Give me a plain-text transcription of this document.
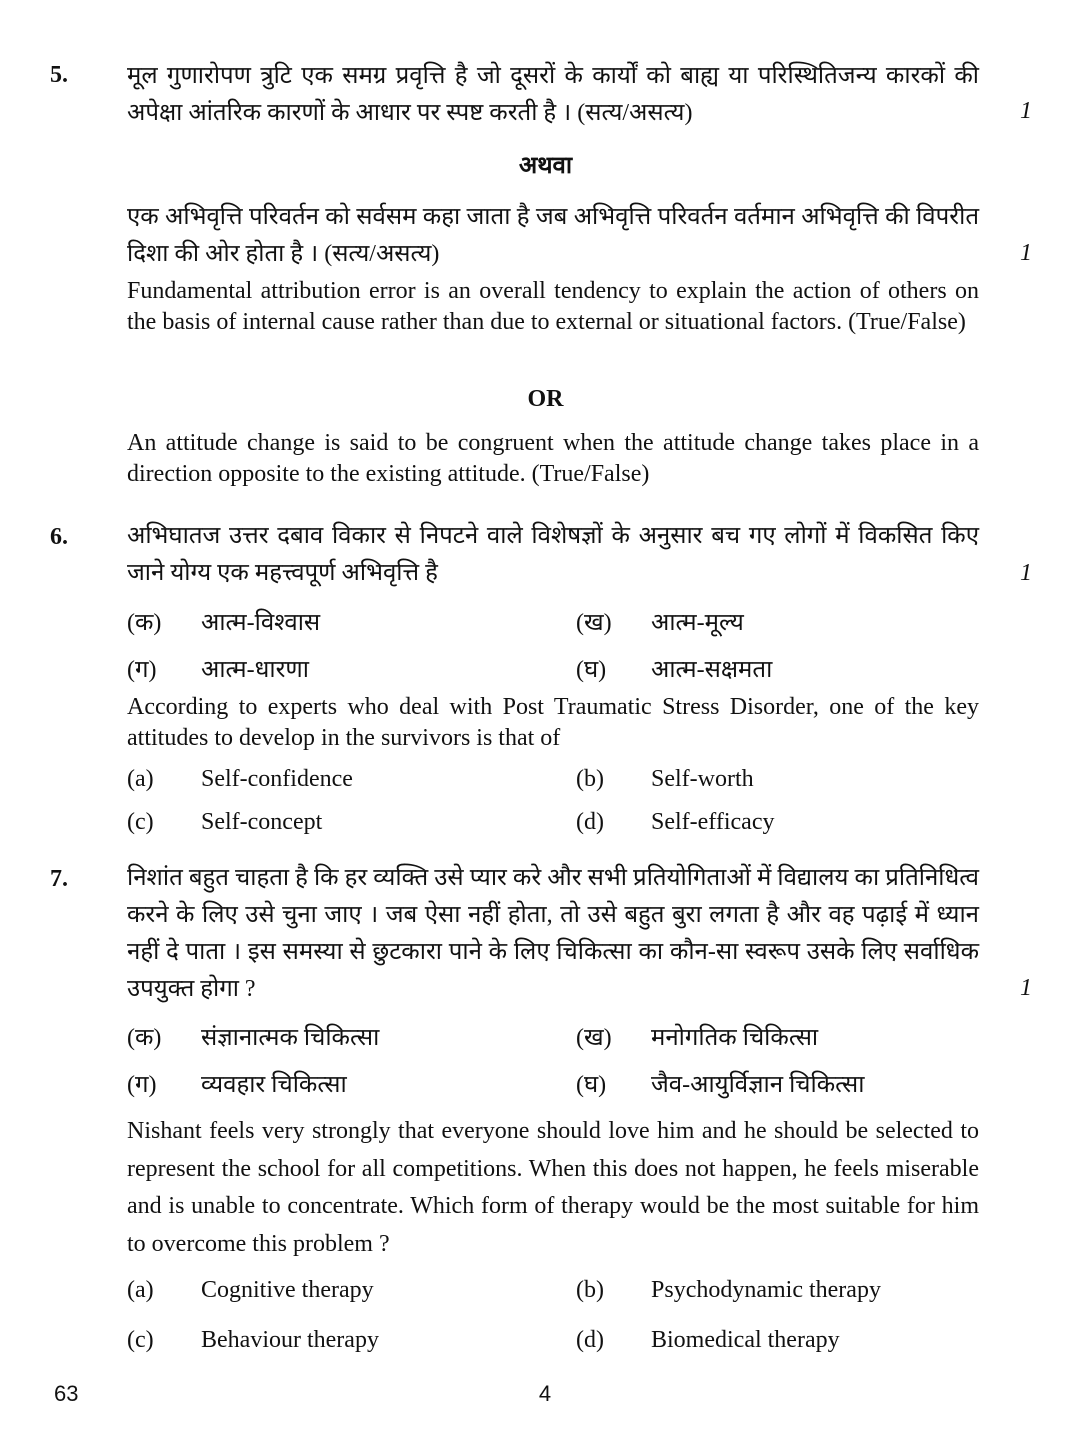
5. मूल गुणारोपण त्रुटि एक समग्र प्रवृत्ति है जो दूसरों के कार्यों को बाह्य या परिस्थितिजन्य कारकों की अपेक्षा आंतरिक कारणों के आधार पर स्पष्ट करती है । (सत्य/असत्य)	1
अथवा
एक अभिवृत्ति परिवर्तन को सर्वसम कहा जाता है जब अभिवृत्ति परिवर्तन वर्तमान अभिवृत्ति की विपरीत दिशा की ओर होता है । (सत्य/असत्य)	1
Fundamental attribution error is an overall tendency to explain the action of others on the basis of internal cause rather than due to external or situational factors. (True/False)
OR
An attitude change is said to be congruent when the attitude change takes place in a direction opposite to the existing attitude. (True/False)
6. अभिघातज उत्तर दबाव विकार से निपटने वाले विशेषज्ञों के अनुसार बच गए लोगों में विकसित किए जाने योग्य एक महत्त्वपूर्ण अभिवृत्ति है	1
(क) आत्म-विश्वास	(ख) आत्म-मूल्य
(ग) आत्म-धारणा	(घ) आत्म-सक्षमता
According to experts who deal with Post Traumatic Stress Disorder, one of the key attitudes to develop in the survivors is that of
(a) Self-confidence	(b) Self-worth
(c) Self-concept	(d) Self-efficacy
7. निशांत बहुत चाहता है कि हर व्यक्ति उसे प्यार करे और सभी प्रतियोगिताओं में विद्यालय का प्रतिनिधित्व करने के लिए उसे चुना जाए । जब ऐसा नहीं होता, तो उसे बहुत बुरा लगता है और वह पढ़ाई में ध्यान नहीं दे पाता । इस समस्या से छुटकारा पाने के लिए चिकित्सा का कौन-सा स्वरूप उसके लिए सर्वाधिक उपयुक्त होगा ?	1
(क) संज्ञानात्मक चिकित्सा	(ख) मनोगतिक चिकित्सा
(ग) व्यवहार चिकित्सा	(घ) जैव-आयुर्विज्ञान चिकित्सा
Nishant feels very strongly that everyone should love him and he should be selected to represent the school for all competitions. When this does not happen, he feels miserable and is unable to concentrate. Which form of therapy would be the most suitable for him to overcome this problem ?
(a) Cognitive therapy	(b) Psychodynamic therapy
(c) Behaviour therapy	(d) Biomedical therapy
63	4
